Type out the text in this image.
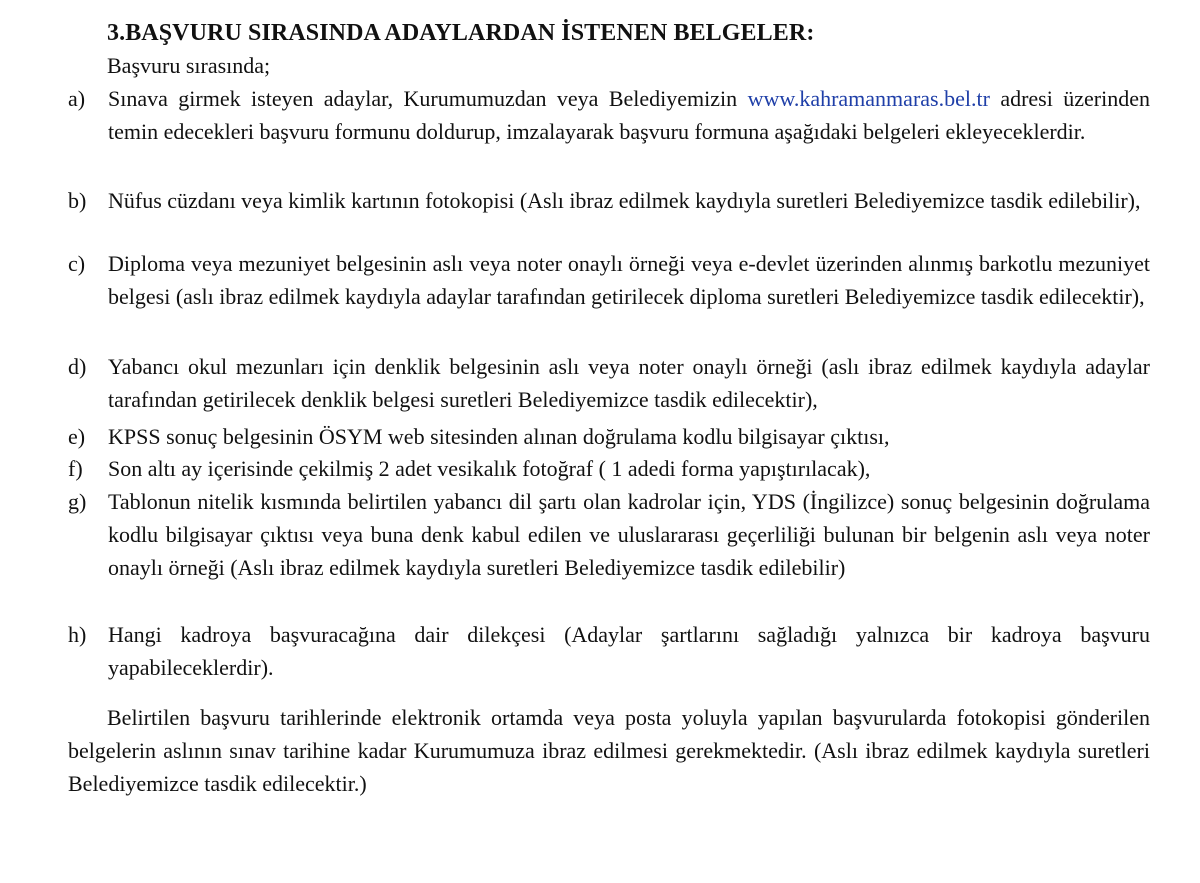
3.BAŞVURU SIRASINDA ADAYLARDAN İSTENEN BELGELER:
Başvuru sırasında;
a) Sınava girmek isteyen adaylar, Kurumumuzdan veya Belediyemizin www.kahramanmaras.bel.tr adresi üzerinden temin edecekleri başvuru formunu doldurup, imzalayarak başvuru formuna aşağıdaki belgeleri ekleyeceklerdir.
b) Nüfus cüzdanı veya kimlik kartının fotokopisi (Aslı ibraz edilmek kaydıyla suretleri Belediyemizce tasdik edilebilir),
c) Diploma veya mezuniyet belgesinin aslı veya noter onaylı örneği veya e-devlet üzerinden alınmış barkotlu mezuniyet belgesi (aslı ibraz edilmek kaydıyla adaylar tarafından getirilecek diploma suretleri Belediyemizce tasdik edilecektir),
d) Yabancı okul mezunları için denklik belgesinin aslı veya noter onaylı örneği (aslı ibraz edilmek kaydıyla adaylar tarafından getirilecek denklik belgesi suretleri Belediyemizce tasdik edilecektir),
e) KPSS sonuç belgesinin ÖSYM web sitesinden alınan doğrulama kodlu bilgisayar çıktısı,
f) Son altı ay içerisinde çekilmiş 2 adet vesikalık fotoğraf ( 1 adedi forma yapıştırılacak),
g) Tablonun nitelik kısmında belirtilen yabancı dil şartı olan kadrolar için, YDS (İngilizce) sonuç belgesinin doğrulama kodlu bilgisayar çıktısı veya buna denk kabul edilen ve uluslararası geçerliliği bulunan bir belgenin aslı veya noter onaylı örneği (Aslı ibraz edilmek kaydıyla suretleri Belediyemizce tasdik edilebilir)
h) Hangi kadroya başvuracağına dair dilekçesi (Adaylar şartlarını sağladığı yalnızca bir kadroya başvuru yapabileceklerdir).
Belirtilen başvuru tarihlerinde elektronik ortamda veya posta yoluyla yapılan başvurularda fotokopisi gönderilen belgelerin aslının sınav tarihine kadar Kurumumuza ibraz edilmesi gerekmektedir. (Aslı ibraz edilmek kaydıyla suretleri Belediyemizce tasdik edilecektir.)
